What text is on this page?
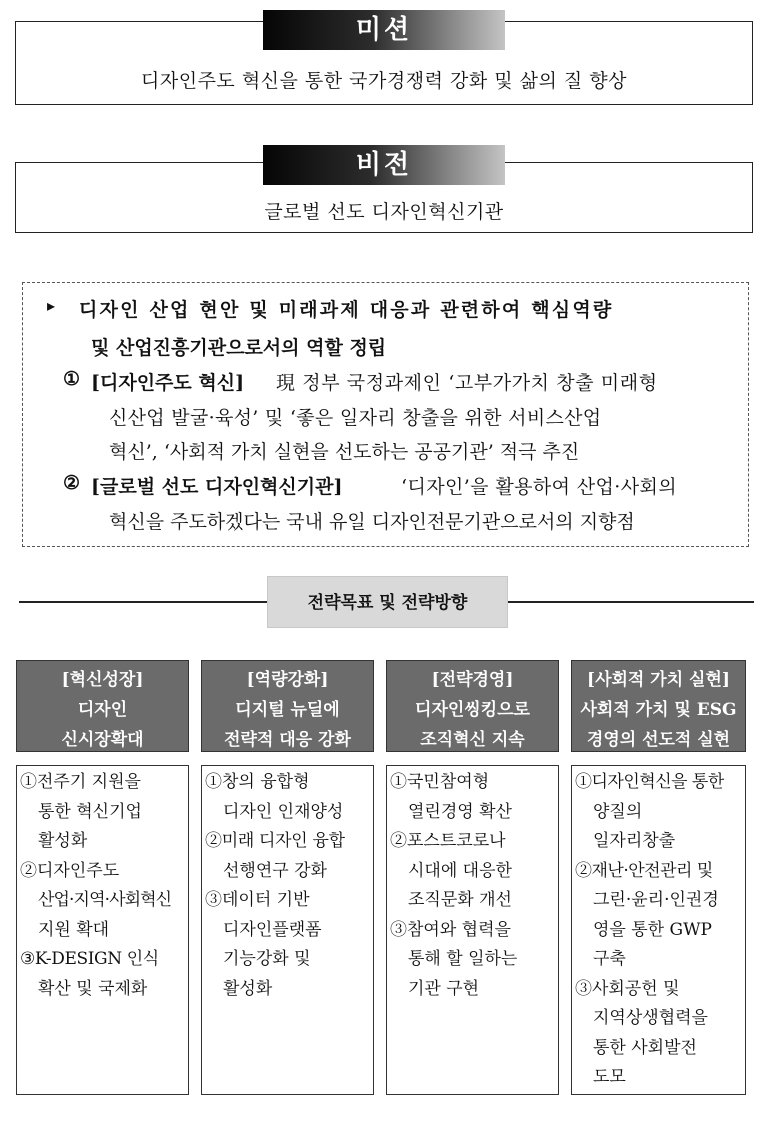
디자인주도 혁신을 통한 국가경쟁력 강화 및 삶의 질 향상
미션
글로벌 선도 디자인혁신기관
비전
▸ 디자인 산업 현안 및 미래과제 대응과 관련하여 핵심역량
및 산업진흥기관으로서의 역할 정립
① [디자인주도 혁신] 現 정부 국정과제인 ‘고부가가치 창출 미래형
신산업 발굴·육성’ 및 ‘좋은 일자리 창출을 위한 서비스산업
혁신’, ‘사회적 가치 실현을 선도하는 공공기관’ 적극 추진
② [글로벌 선도 디자인혁신기관]	‘디자인’을 활용하여 산업·사회의
혁신을 주도하겠다는 국내 유일 디자인전문기관으로서의 지향점
전략목표 및 전략방향
[혁신성장]
디자인
신시장확대
[역량강화]
디지털 뉴딜에
전략적 대응 강화
[전략경영]
디자인씽킹으로
조직혁신 지속
[사회적 가치 실현]
사회적 가치 및 ESG
경영의 선도적 실현
①전주기 지원을
통한 혁신기업
활성화
②디자인주도
산업·지역·사회혁신
지원 확대
③K-DESIGN 인식
확산 및 국제화
①창의 융합형
디자인 인재양성
②미래 디자인 융합
선행연구 강화
③데이터 기반
디자인플랫폼
기능강화 및
활성화
①국민참여형
열린경영 확산
②포스트코로나
시대에 대응한
조직문화 개선
③참여와 협력을
통해 할 일하는
기관 구현
①디자인혁신을 통한
양질의
일자리창출
②재난·안전관리 및
그린·윤리·인권경
영을 통한 GWP
구축
③사회공헌 및
지역상생협력을
통한 사회발전
도모
